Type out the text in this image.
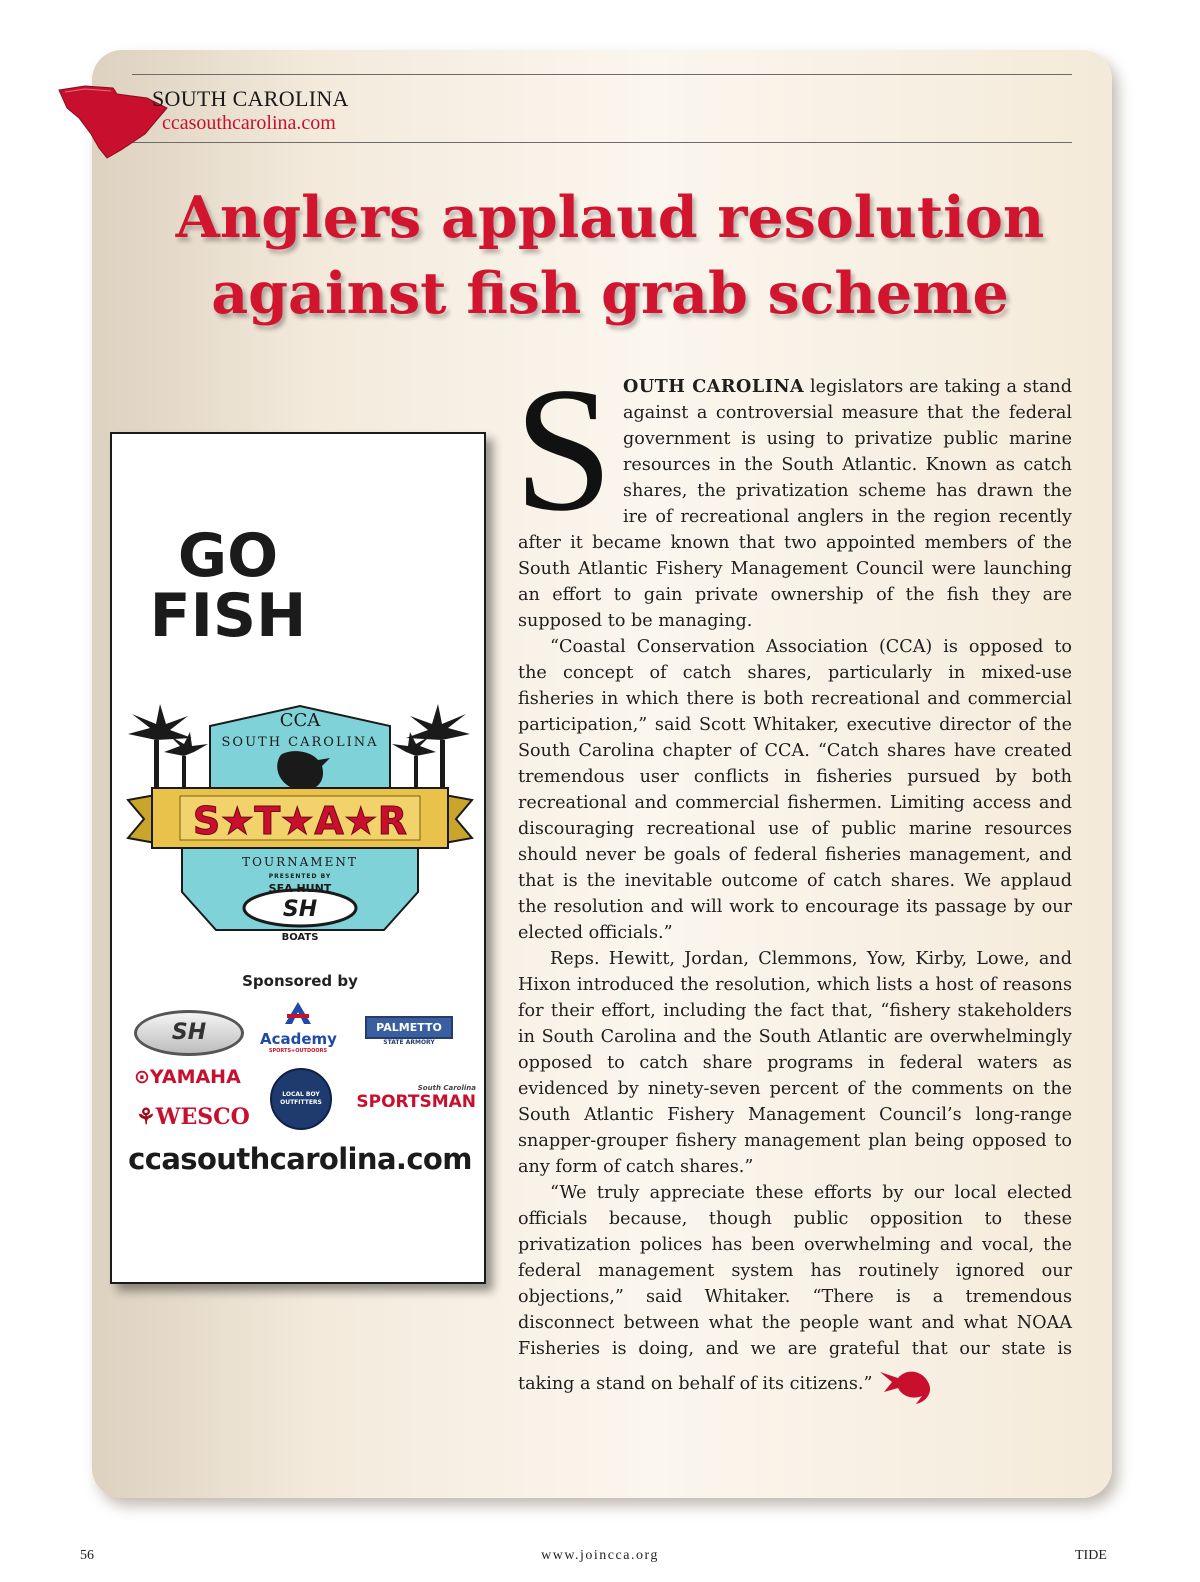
SOUTH CAROLINA
ccasouthcarolina.com
Anglers applaud resolution
against fish grab scheme
GO
FISH
CCA
SOUTH CAROLINA
S★T★A★R
TOURNAMENT
PRESENTED BY
SEA HUNT
SH
BOATS
Sponsored by
SH	Academy
SPORTS+OUTDOORS
PALMETTO
STATE ARMORY
⊙YAMAHA
LOCAL BOY OUTFITTERS
South Carolina
SPORTSMAN
⚘WESCO
ccasouthcarolina.com

SOUTH CAROLINA legislators are taking a stand against a controversial measure that the federal government is using to privatize public marine resources in the South Atlantic. Known as catch shares, the privatization scheme has drawn the ire of recreational anglers in the region recently after it became known that two appointed members of the South Atlantic Fishery Management Council were launching an effort to gain private ownership of the fish they are supposed to be managing.

“Coastal Conservation Association (CCA) is opposed to the concept of catch shares, particularly in mixed-use fisheries in which there is both recreational and commercial participation,” said Scott Whitaker, executive director of the South Carolina chapter of CCA. “Catch shares have created tremendous user conflicts in fisheries pursued by both recreational and commercial fishermen. Limiting access and discouraging recreational use of public marine resources should never be goals of federal fisheries management, and that is the inevitable outcome of catch shares. We applaud the resolution and will work to encourage its passage by our elected officials.”

Reps. Hewitt, Jordan, Clemmons, Yow, Kirby, Lowe, and Hixon introduced the resolution, which lists a host of reasons for their effort, including the fact that, “fishery stakeholders in South Carolina and the South Atlantic are overwhelmingly opposed to catch share programs in federal waters as evidenced by ninety-seven percent of the comments on the South Atlantic Fishery Management Council’s long-range snapper-grouper fishery management plan being opposed to any form of catch shares.”

“We truly appreciate these efforts by our local elected officials because, though public opposition to these privatization polices has been overwhelming and vocal, the federal management system has routinely ignored our objections,” said Whitaker. “There is a tremendous disconnect between what the people want and what NOAA Fisheries is doing, and we are grateful that our state is taking a stand on behalf of its citizens.”

56	www.joincca.org	TIDE
